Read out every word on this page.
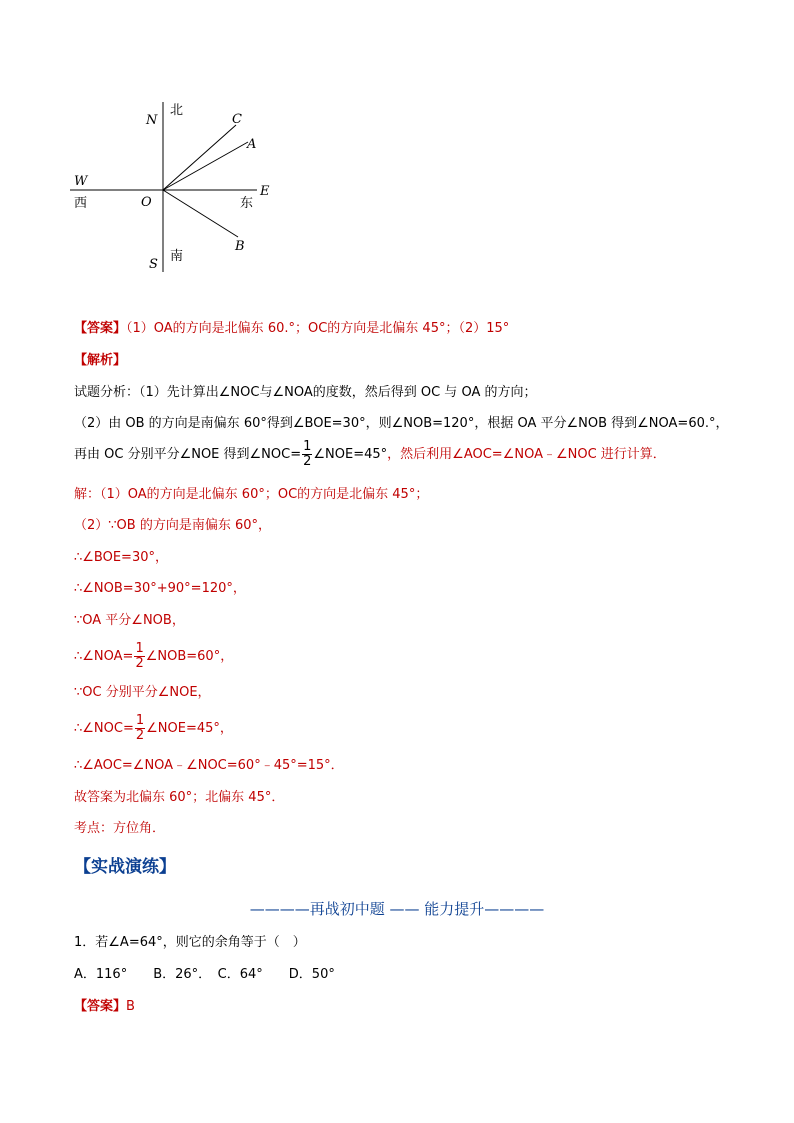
N
北
C
A
W
E
西	O	东
B
南
S
【答案】（1）OA的方向是北偏东 60.°；OC的方向是北偏东 45°；（2）15°
【解析】
试题分析：（1）先计算出∠NOC与∠NOA的度数，然后得到 OC 与 OA 的方向；
（2）由 OB 的方向是南偏东 60°得到∠BOE=30°，则∠NOB=120°，根据 OA 平分∠NOB 得到∠NOA=60.°，
再由 OC 分别平分∠NOE 得到∠NOC= $\frac{1}{2}$ ∠NOE=45°，然后利用∠AOC=∠NOA﹣∠NOC 进行计算．
解：（1）OA的方向是北偏东 60°；OC的方向是北偏东 45°；
（2）∵OB 的方向是南偏东 60°，
∴∠BOE=30°，
∴∠NOB=30°+90°=120°，
∵OA 平分∠NOB，
∴∠NOA= $\frac{1}{2}$ ∠NOB=60°，
∵OC 分别平分∠NOE，
∴∠NOC= $\frac{1}{2}$ ∠NOE=45°，
∴∠AOC=∠NOA﹣∠NOC=60°﹣45°=15°．
故答案为北偏东 60°；北偏东 45°．
考点：方位角．
【实战演练】
————再战初中题 —— 能力提升————
1．若∠A=64°，则它的余角等于（　）
A．116°　　B．26°．　C．64°　　D．50°
【答案】B
